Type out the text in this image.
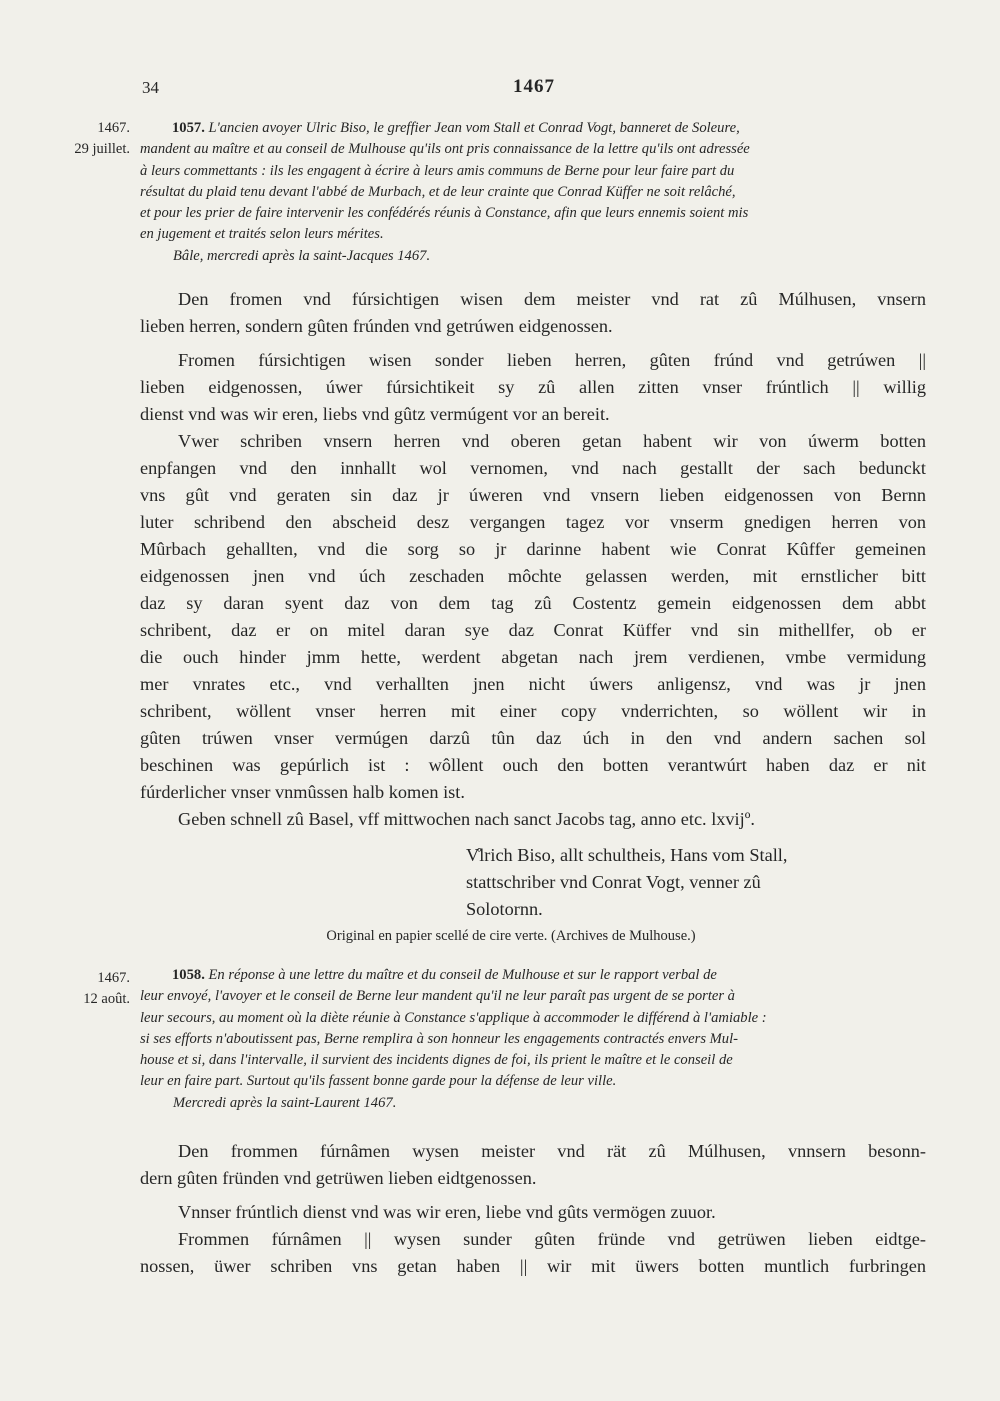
34	1467
1467.
29 juillet.
1057. L'ancien avoyer Ulric Biso, le greffier Jean vom Stall et Conrad Vogt, banneret de Soleure,
mandent au maître et au conseil de Mulhouse qu'ils ont pris connaissance de la lettre qu'ils ont adressée
à leurs commettants : ils les engagent à écrire à leurs amis communs de Berne pour leur faire part du
résultat du plaid tenu devant l'abbé de Murbach, et de leur crainte que Conrad Küffer ne soit relâché,
et pour les prier de faire intervenir les confédérés réunis à Constance, afin que leurs ennemis soient mis
en jugement et traités selon leurs mérites.
Bâle, mercredi après la saint-Jacques 1467.

Den fromen vnd fúrsichtigen wisen dem meister vnd rat zû Múlhusen, vnsern

lieben herren, sondern gûten frúnden vnd getrúwen eidgenossen.

Fromen fúrsichtigen wisen sonder lieben herren, gûten frúnd vnd getrúwen ||

lieben eidgenossen, úwer fúrsichtikeit sy zû allen zitten vnser frúntlich || willig

dienst vnd was wir eren, liebs vnd gûtz vermúgent vor an bereit.

Vwer schriben vnsern herren vnd oberen getan habent wir von úwerm botten

enpfangen vnd den innhallt wol vernomen, vnd nach gestallt der sach bedunckt

vns gût vnd geraten sin daz jr úweren vnd vnsern lieben eidgenossen von Bernn

luter schribend den abscheid desz vergangen tagez vor vnserm gnedigen herren von

Mûrbach gehallten, vnd die sorg so jr darinne habent wie Conrat Kûffer gemeinen

eidgenossen jnen vnd úch zeschaden môchte gelassen werden, mit ernstlicher bitt

daz sy daran syent daz von dem tag zû Costentz gemein eidgenossen dem abbt

schribent, daz er on mitel daran sye daz Conrat Küffer vnd sin mithellfer, ob er

die ouch hinder jmm hette, werdent abgetan nach jrem verdienen, vmbe vermidung

mer vnrates etc., vnd verhallten jnen nicht úwers anligensz, vnd was jr jnen

schribent, wöllent vnser herren mit einer copy vnderrichten, so wöllent wir in

gûten trúwen vnser vermúgen darzû tûn daz úch in den vnd andern sachen sol

beschinen was gepúrlich ist : wôllent ouch den botten verantwúrt haben daz er nit

fúrderlicher vnser vnmûssen halb komen ist.

Geben schnell zû Basel, vff mittwochen nach sanct Jacobs tag, anno etc. lxvijº.

V̊lrich Biso, allt schultheis, Hans vom Stall,
stattschriber vnd Conrat Vogt, venner zû
Solotornn.
Original en papier scellé de cire verte. (Archives de Mulhouse.)
1467.
12 août.
1058. En réponse à une lettre du maître et du conseil de Mulhouse et sur le rapport verbal de
leur envoyé, l'avoyer et le conseil de Berne leur mandent qu'il ne leur paraît pas urgent de se porter à
leur secours, au moment où la diète réunie à Constance s'applique à accommoder le différend à l'amiable :
si ses efforts n'aboutissent pas, Berne remplira à son honneur les engagements contractés envers Mul-
house et si, dans l'intervalle, il survient des incidents dignes de foi, ils prient le maître et le conseil de
leur en faire part. Surtout qu'ils fassent bonne garde pour la défense de leur ville.
Mercredi après la saint-Laurent 1467.

Den frommen fúrnâmen wysen meister vnd rät zû Múlhusen, vnnsern besonn-

dern gûten fründen vnd getrüwen lieben eidtgenossen.

Vnnser frúntlich dienst vnd was wir eren, liebe vnd gûts vermögen zuuor.

Frommen fúrnâmen || wysen sunder gûten fründe vnd getrüwen lieben eidtge-

nossen, üwer schriben vns getan haben || wir mit üwers botten muntlich furbringen
